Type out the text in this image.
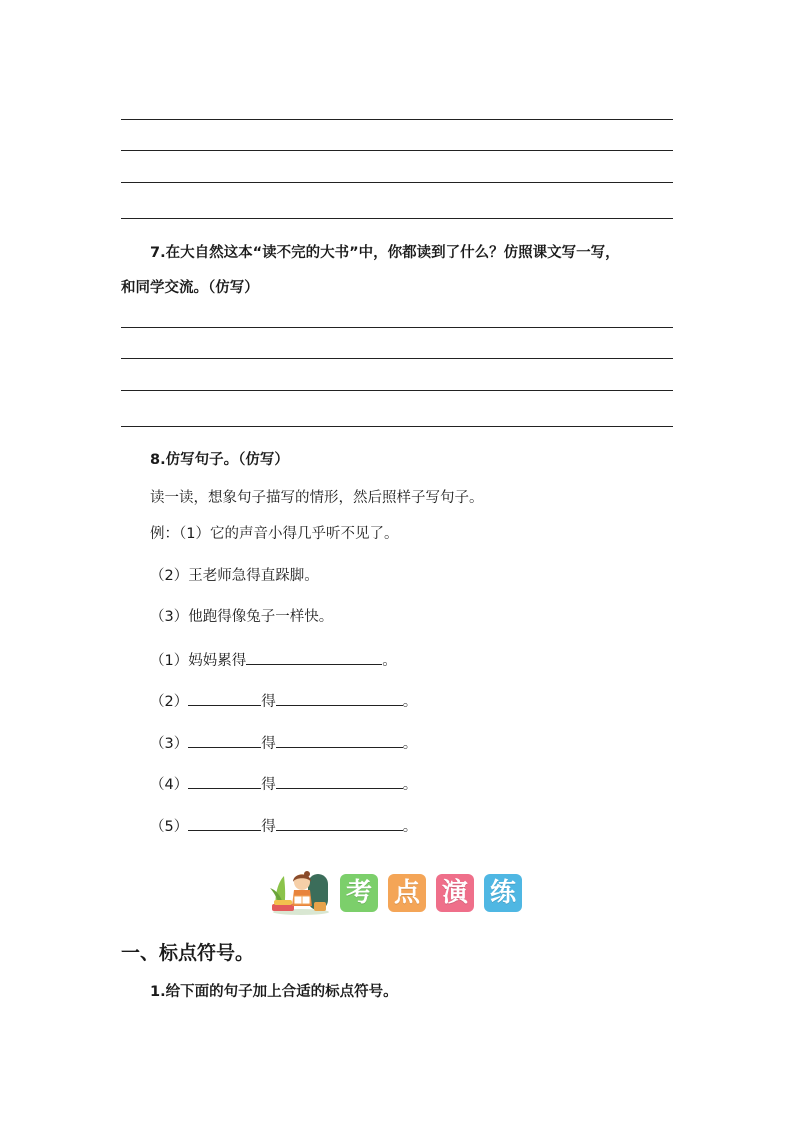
7.在大自然这本“读不完的大书”中，你都读到了什么？仿照课文写一写，
和同学交流。（仿写）
8.仿写句子。（仿写）
读一读，想象句子描写的情形，然后照样子写句子。
例：（1）它的声音小得几乎听不见了。
（2）王老师急得直跺脚。
（3）他跑得像兔子一样快。
（1）妈妈累得	。
（2）	得	。
（3）	得	。
（4）	得	。
（5）	得	。
考 点 演 练
一、标点符号。
1.给下面的句子加上合适的标点符号。
